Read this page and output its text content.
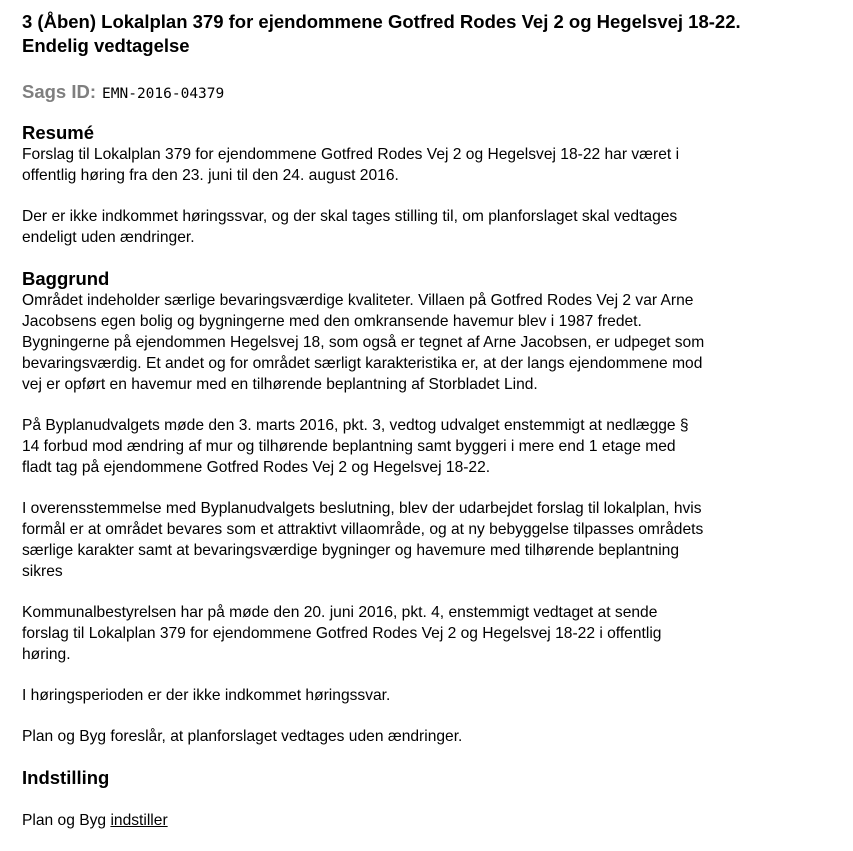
3 (Åben) Lokalplan 379 for ejendommene Gotfred Rodes Vej 2 og Hegelsvej 18-22.
Endelig vedtagelse
Sags ID: EMN-2016-04379
Resumé

Forslag til Lokalplan 379 for ejendommene Gotfred Rodes Vej 2 og Hegelsvej 18-22 har været i
offentlig høring fra den 23. juni til den 24. august 2016.

Der er ikke indkommet høringssvar, og der skal tages stilling til, om planforslaget skal vedtages
endeligt uden ændringer.

Baggrund

Området indeholder særlige bevaringsværdige kvaliteter. Villaen på Gotfred Rodes Vej 2 var Arne
Jacobsens egen bolig og bygningerne med den omkransende havemur blev i 1987 fredet.
Bygningerne på ejendommen Hegelsvej 18, som også er tegnet af Arne Jacobsen, er udpeget som
bevaringsværdig. Et andet og for området særligt karakteristika er, at der langs ejendommene mod
vej er opført en havemur med en tilhørende beplantning af Storbladet Lind.

På Byplanudvalgets møde den 3. marts 2016, pkt. 3, vedtog udvalget enstemmigt at nedlægge §
14 forbud mod ændring af mur og tilhørende beplantning samt byggeri i mere end 1 etage med
fladt tag på ejendommene Gotfred Rodes Vej 2 og Hegelsvej 18-22.

I overensstemmelse med Byplanudvalgets beslutning, blev der udarbejdet forslag til lokalplan, hvis
formål er at området bevares som et attraktivt villaområde, og at ny bebyggelse tilpasses områdets
særlige karakter samt at bevaringsværdige bygninger og havemure med tilhørende beplantning
sikres

Kommunalbestyrelsen har på møde den 20. juni 2016, pkt. 4, enstemmigt vedtaget at sende
forslag til Lokalplan 379 for ejendommene Gotfred Rodes Vej 2 og Hegelsvej 18-22 i offentlig
høring.

I høringsperioden er der ikke indkommet høringssvar.

Plan og Byg foreslår, at planforslaget vedtages uden ændringer.

Indstilling

Plan og Byg indstiller
